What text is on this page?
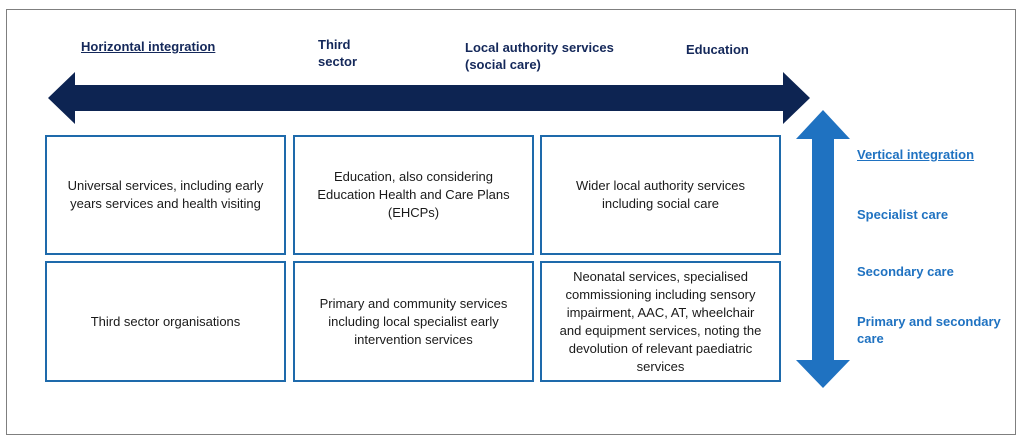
Horizontal integration	Third
sector
Local authority services
(social care)
Education
Vertical integration
Specialist care
Secondary care
Primary and secondary
care
Universal services, including early years services and health visiting
Education, also considering Education Health and Care Plans (EHCPs)
Wider local authority services including social care
Third sector organisations
Primary and community services including local specialist early intervention services
Neonatal services, specialised commissioning including sensory impairment, AAC, AT, wheelchair and equipment services, noting the devolution of relevant paediatric services
